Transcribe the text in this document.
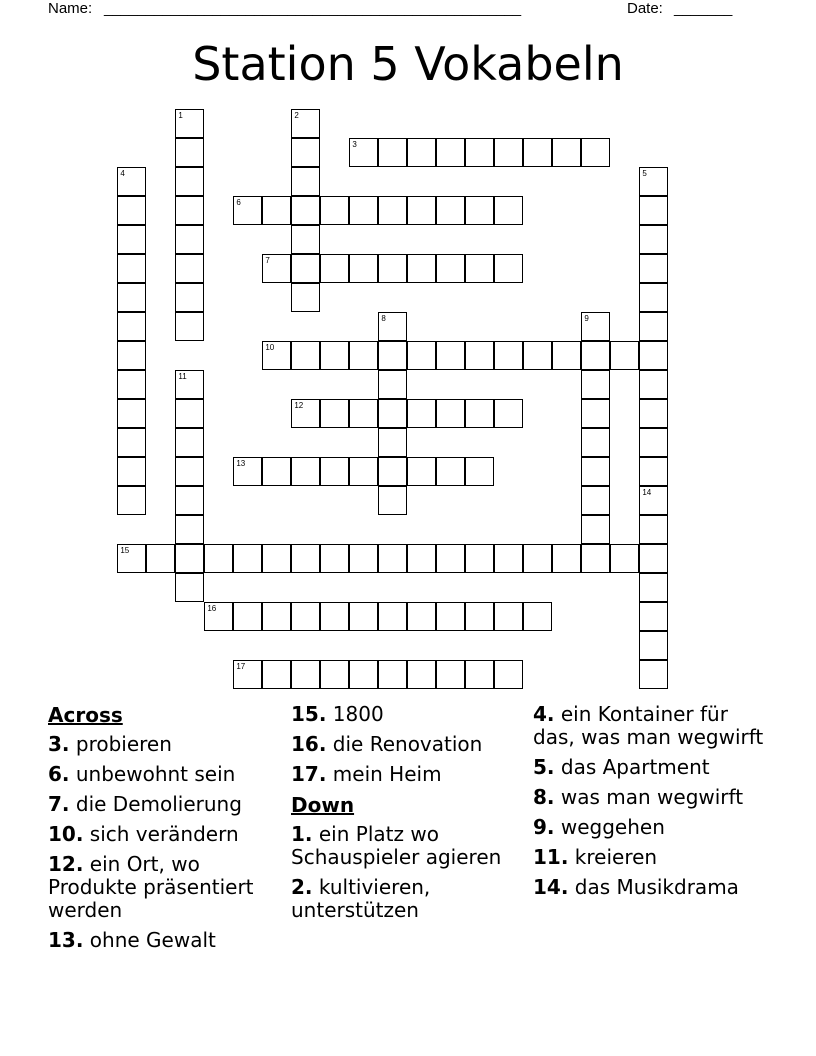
Name: __________________________________________________	Date: _______
Station 5 Vokabeln
1	2
3
4	5
6
7
8	9
10
11
12
13
14
15
16
17
Across
3. probieren
6. unbewohnt sein
7. die Demolierung
10. sich verändern
12. ein Ort, wo Produkte präsentiert werden
13. ohne Gewalt
15. 1800
16. die Renovation
17. mein Heim
Down
1. ein Platz wo Schauspieler agieren
2. kultivieren, unterstützen
4. ein Kontainer für das, was man wegwirft
5. das Apartment
8. was man wegwirft
9. weggehen
11. kreieren
14. das Musikdrama
